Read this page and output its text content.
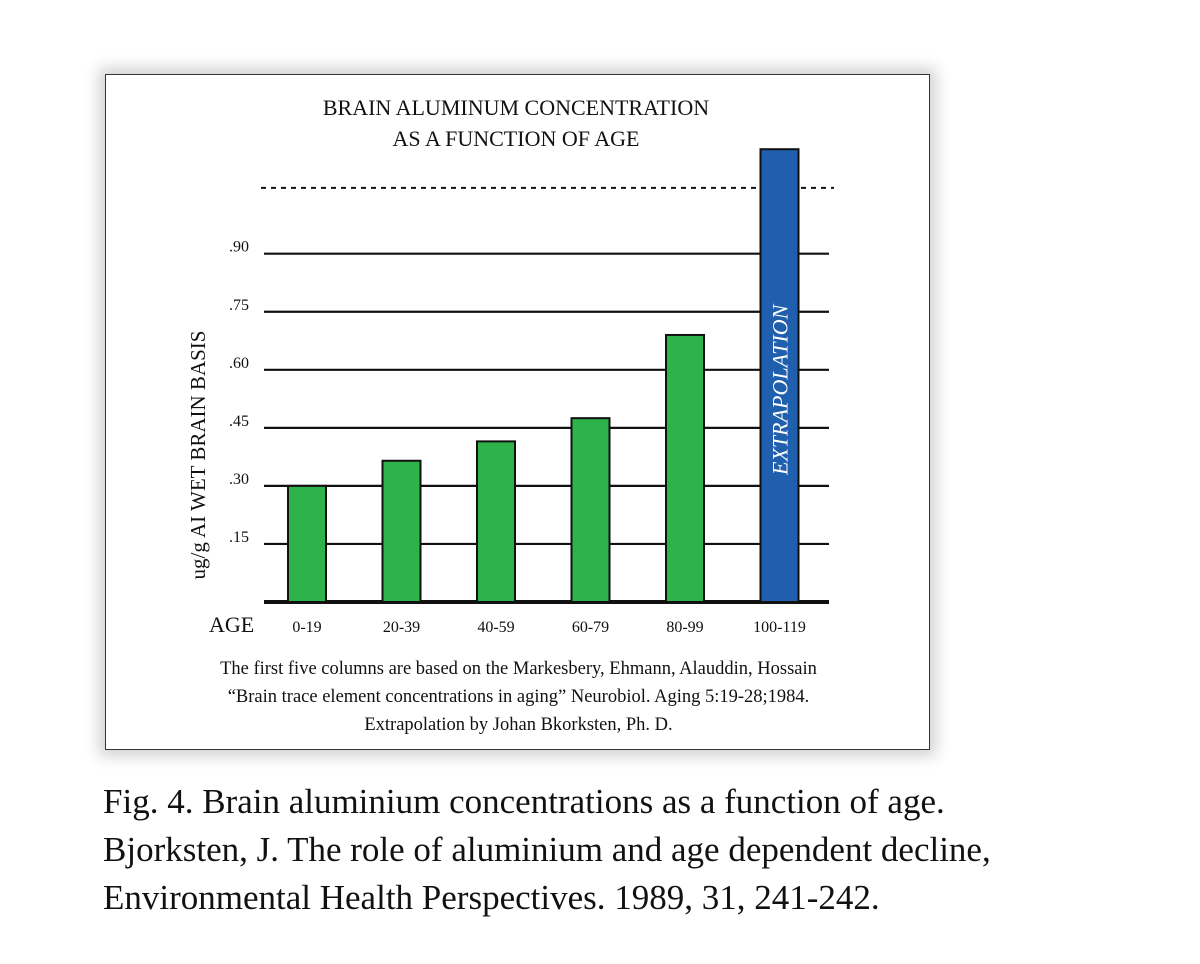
BRAIN ALUMINUM CONCENTRATION
AS A FUNCTION OF AGE
.15
.30
.45
.60
.75
.90
0-19	20-39	40-59	60-79	80-99	100-119
EXTRAPOLATION
ug/g AI WET BRAIN BASIS
AGE
The first five columns are based on the Markesbery, Ehmann, Alauddin, Hossain
“Brain trace element concentrations in aging” Neurobiol. Aging 5:19-28;1984.
Extrapolation by Johan Bkorksten, Ph. D.
Fig. 4. Brain aluminium concentrations as a function of age.
Bjorksten, J. The role of aluminium and age dependent decline,
Environmental Health Perspectives. 1989, 31, 241-242.
